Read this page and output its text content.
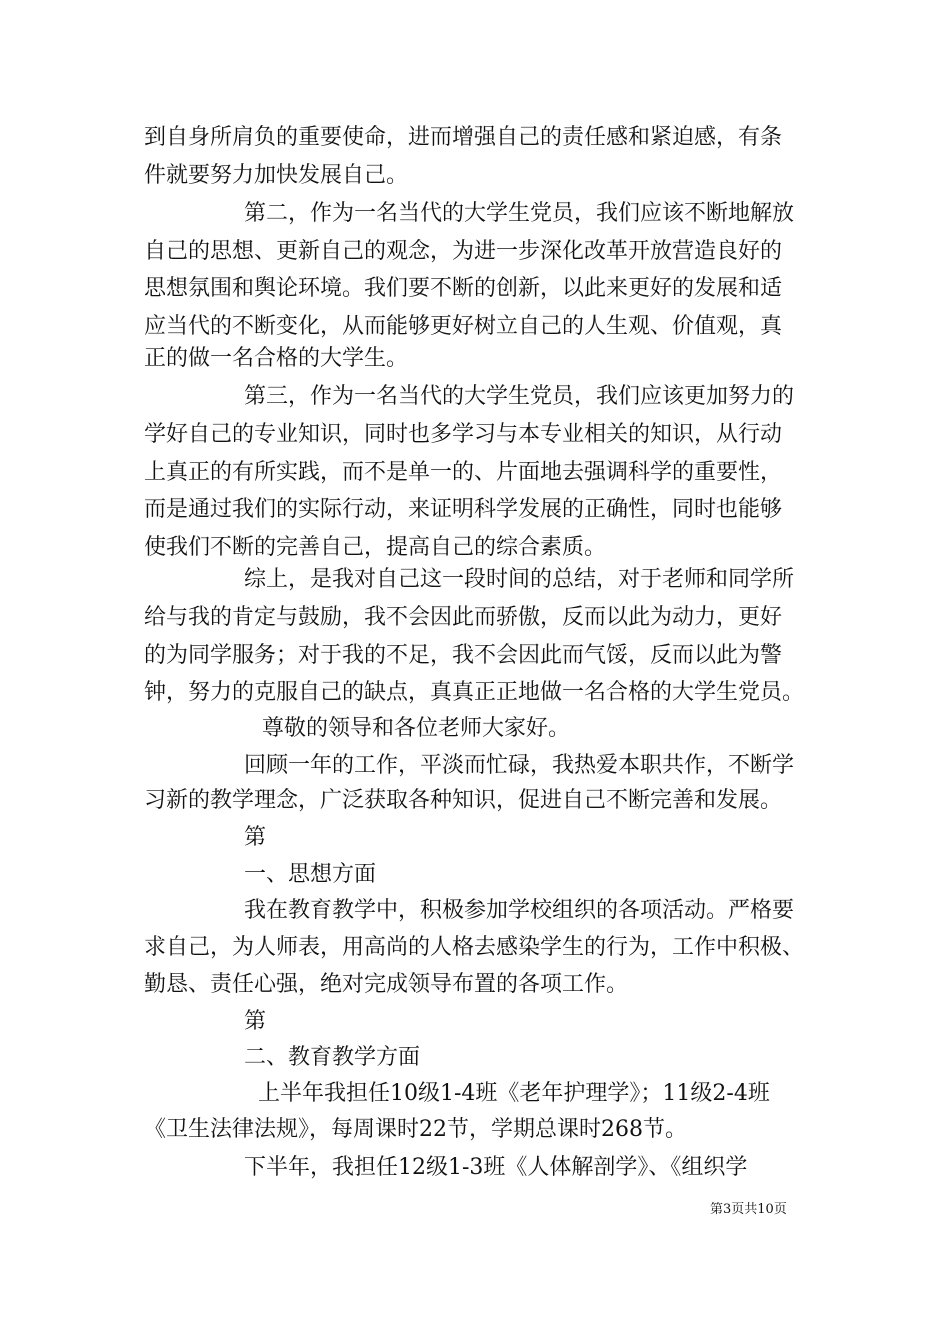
到自身所肩负的重要使命，进而增强自己的责任感和紧迫感，有条
件就要努力加快发展自己。
第二，作为一名当代的大学生党员，我们应该不断地解放
自己的思想、更新自己的观念，为进一步深化改革开放营造良好的
思想氛围和舆论环境。我们要不断的创新，以此来更好的发展和适
应当代的不断变化，从而能够更好树立自己的人生观、价值观，真
正的做一名合格的大学生。
第三，作为一名当代的大学生党员，我们应该更加努力的
学好自己的专业知识，同时也多学习与本专业相关的知识，从行动
上真正的有所实践，而不是单一的、片面地去强调科学的重要性，
而是通过我们的实际行动，来证明科学发展的正确性，同时也能够
使我们不断的完善自己，提高自己的综合素质。
综上，是我对自己这一段时间的总结，对于老师和同学所
给与我的肯定与鼓励，我不会因此而骄傲，反而以此为动力，更好
的为同学服务；对于我的不足，我不会因此而气馁，反而以此为警
钟，努力的克服自己的缺点，真真正正地做一名合格的大学生党员。
尊敬的领导和各位老师大家好。
回顾一年的工作，平淡而忙碌，我热爱本职共作，不断学
习新的教学理念，广泛获取各种知识，促进自己不断完善和发展。
第
一、思想方面
我在教育教学中，积极参加学校组织的各项活动。严格要
求自己，为人师表，用高尚的人格去感染学生的行为，工作中积极、
勤恳、责任心强，绝对完成领导布置的各项工作。
第
二、教育教学方面
上半年我担任10级1-4班《老年护理学》；11级2-4班
《卫生法律法规》，每周课时22节，学期总课时268节。
下半年，我担任12级1-3班《人体解剖学》、《组织学
第3页共10页
